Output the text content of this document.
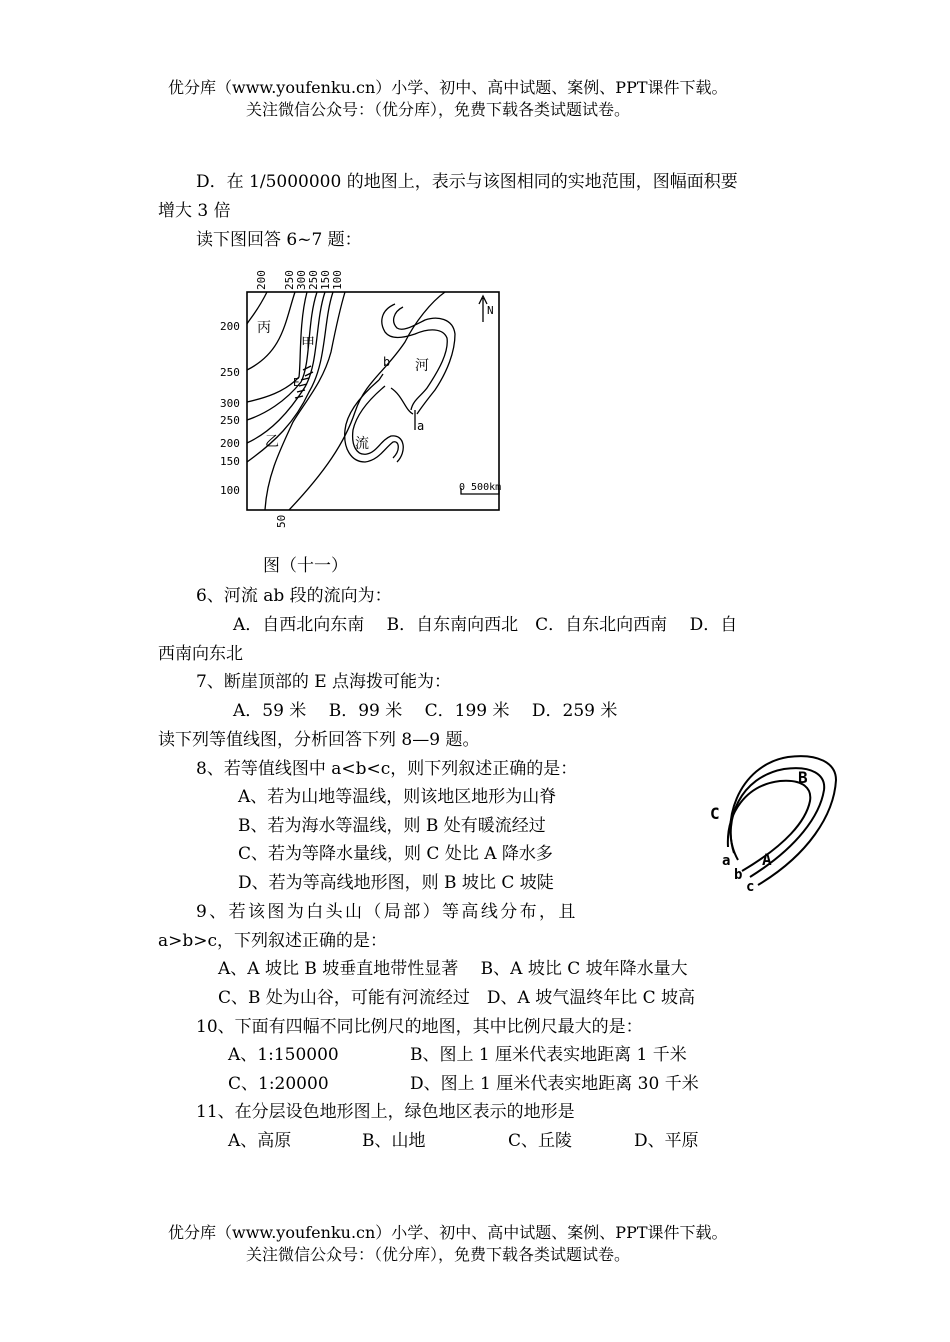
优分库（www.youfenku.cn）小学、初中、高中试题、案例、PPT课件下载。
关注微信公众号：（优分库），免费下载各类试题试卷。
D．在 1/5000000 的地图上，表示与该图相同的实地范围，图幅面积要
增大 3 倍
读下图回答 6~7 题：
200 250 300 250 150 100
200
250
300
250
200
150
100
50
丙
甲
乙
河
流
b
a
E
N
0 500km
图（十一）
6、河流 ab 段的流向为：
A．自西北向东南　 B．自东南向西北　C．自东北向西南　 D．自
西南向东北
7、断崖顶部的 E 点海拨可能为：
A．59 米　 B．99 米　 C．199 米　 D．259 米
读下列等值线图，分析回答下列 8—9 题。
8、若等值线图中 a<b<c，则下列叙述正确的是：
A、若为山地等温线，则该地区地形为山脊
B、若为海水等温线，则 B 处有暖流经过
C、若为等降水量线，则 C 处比 A 降水多
D、若为等高线地形图，则 B 坡比 C 坡陡
B
C
A
a
b
c
9、若该图为白头山（局部）等高线分布，且
a>b>c，下列叙述正确的是：
A、A 坡比 B 坡垂直地带性显著　 B、A 坡比 C 坡年降水量大
C、B 处为山谷，可能有河流经过　D、A 坡气温终年比 C 坡高
10、下面有四幅不同比例尺的地图，其中比例尺最大的是：
A、1:150000	B、图上 1 厘米代表实地距离 1 千米
C、1:20000	D、图上 1 厘米代表实地距离 30 千米
11、在分层设色地形图上，绿色地区表示的地形是
A、高原	B、山地	C、丘陵	D、平原
优分库（www.youfenku.cn）小学、初中、高中试题、案例、PPT课件下载。
关注微信公众号：（优分库），免费下载各类试题试卷。
